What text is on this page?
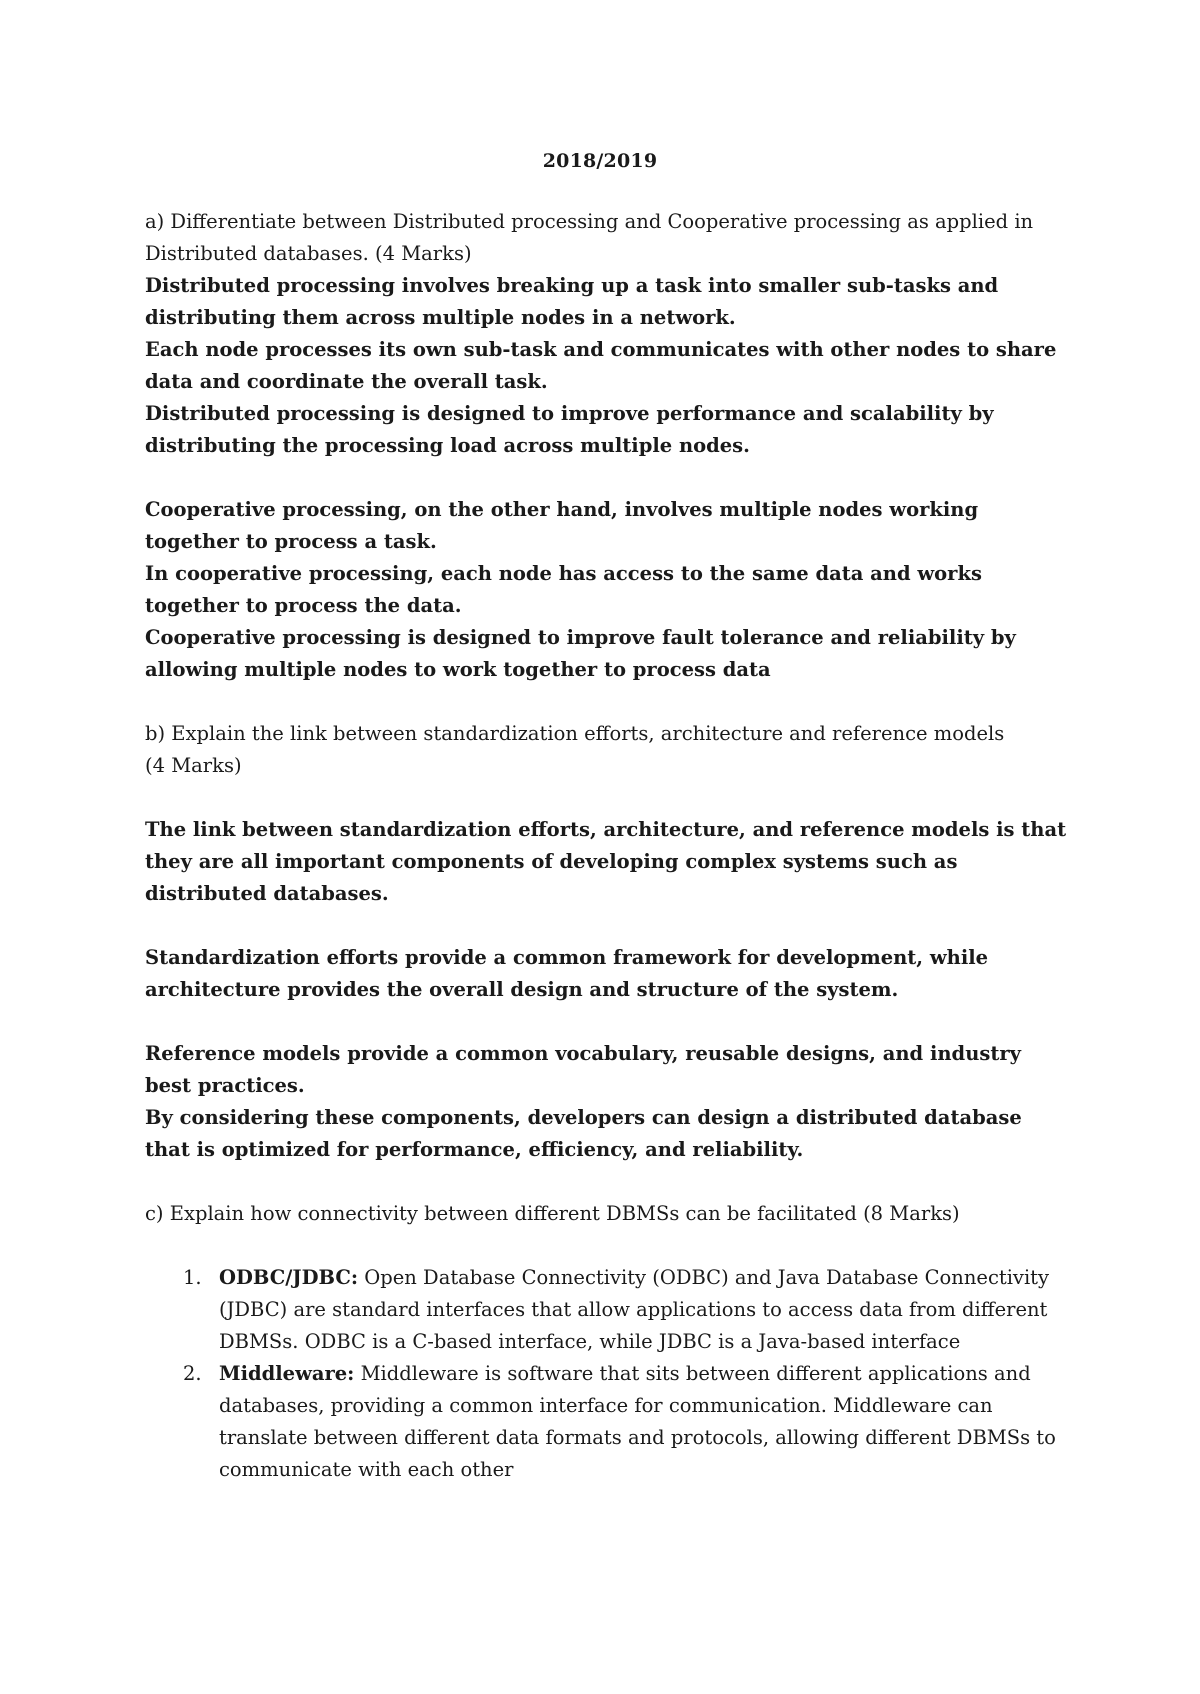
2018/2019

a) Differentiate between Distributed processing and Cooperative processing as applied in Distributed databases. (4 Marks)

Distributed processing involves breaking up a task into smaller sub-tasks and distributing them across multiple nodes in a network.

Each node processes its own sub-task and communicates with other nodes to share data and coordinate the overall task.

Distributed processing is designed to improve performance and scalability by distributing the processing load across multiple nodes.

Cooperative processing, on the other hand, involves multiple nodes working together to process a task.

In cooperative processing, each node has access to the same data and works together to process the data.

Cooperative processing is designed to improve fault tolerance and reliability by allowing multiple nodes to work together to process data

b) Explain the link between standardization efforts, architecture and reference models

(4 Marks)

The link between standardization efforts, architecture, and reference models is that they are all important components of developing complex systems such as distributed databases.

Standardization efforts provide a common framework for development, while architecture provides the overall design and structure of the system.

Reference models provide a common vocabulary, reusable designs, and industry best practices.

By considering these components, developers can design a distributed database that is optimized for performance, efficiency, and reliability.

c) Explain how connectivity between different DBMSs can be facilitated (8 Marks)

1. ODBC/JDBC: Open Database Connectivity (ODBC) and Java Database Connectivity (JDBC) are standard interfaces that allow applications to access data from different DBMSs. ODBC is a C-based interface, while JDBC is a Java-based interface
2. Middleware: Middleware is software that sits between different applications and databases, providing a common interface for communication. Middleware can translate between different data formats and protocols, allowing different DBMSs to communicate with each other
